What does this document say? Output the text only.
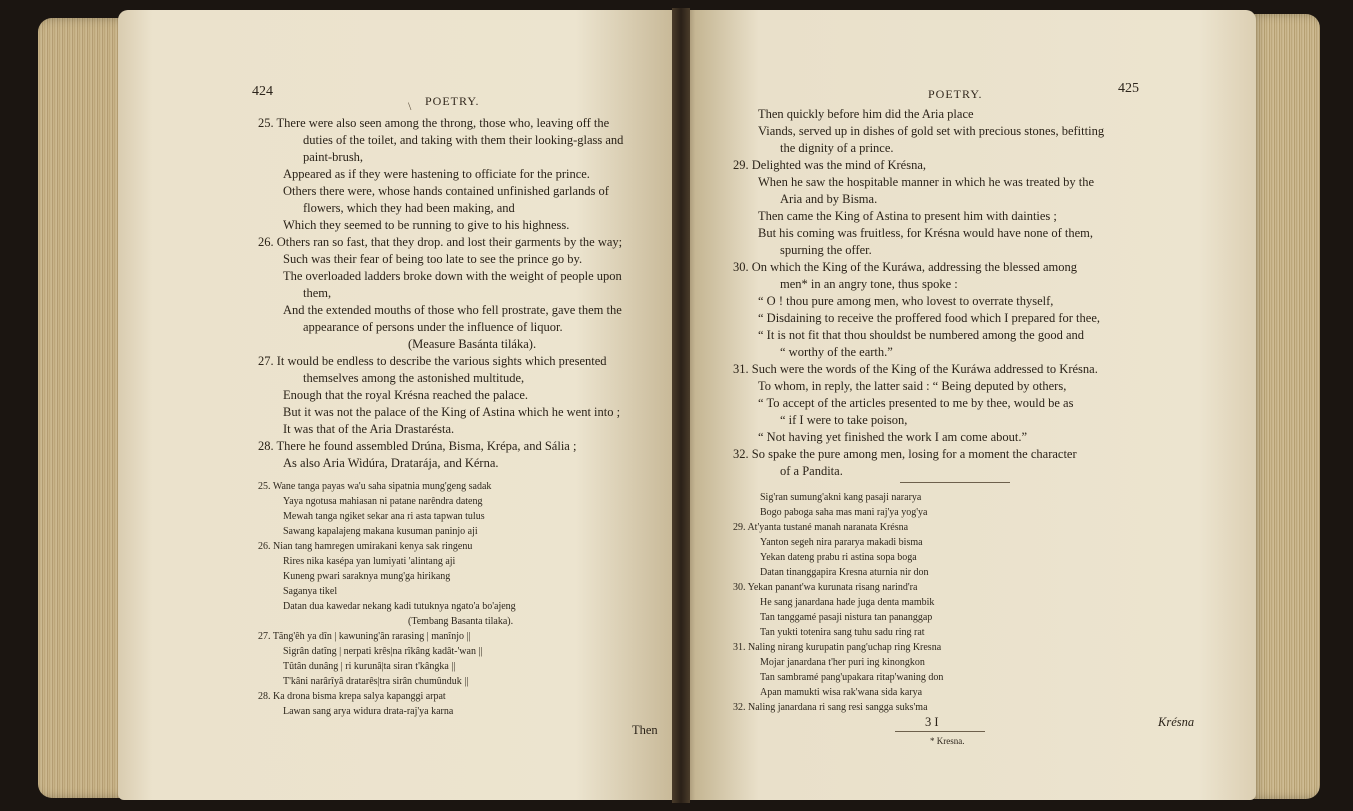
424
POETRY.
\
25. There were also seen among the throng, those who, leaving off the
duties of the toilet, and taking with them their looking-glass and
paint-brush,
Appeared as if they were hastening to officiate for the prince.
Others there were, whose hands contained unfinished garlands of
flowers, which they had been making, and
Which they seemed to be running to give to his highness.
26. Others ran so fast, that they drop. and lost their garments by the way;
Such was their fear of being too late to see the prince go by.
The overloaded ladders broke down with the weight of people upon
them,
And the extended mouths of those who fell prostrate, gave them the
appearance of persons under the influence of liquor.
(Measure Basánta tiláka).
27. It would be endless to describe the various sights which presented
themselves among the astonished multitude,
Enough that the royal Krésna reached the palace.
But it was not the palace of the King of Astina which he went into ;
It was that of the Aria Drastarésta.
28. There he found assembled Drúna, Bisma, Krépa, and Sália ;
As also Aria Widúra, Dratarája, and Kérna.
25. Wane tanga payas wa'u saha sipatnia mung'geng sadak
Yaya ngotusa mahiasan ni patane narêndra dateng
Mewah tanga ngiket sekar ana ri asta tapwan tulus
Sawang kapalajeng makana kusuman paninjo aji
26. Nian tang hamregen umirakani kenya sak ringenu
Rires nika kasépa yan lumiyati 'alintang aji
Kuneng pwari saraknya mung'ga hirikang
Saganya tikel
Datan dua kawedar nekang kadi tutuknya ngato'a bo'ajeng
(Tembang Basanta tilaka).
27. Tãng'êh ya dîn | kawuning'ân rarasing | manînjo ||
Sigrân datîng | nerpati krês|na rîkâng kadât-'wan ||
Tûtân dunâng | ri kurunâ|ta siran t'kângka ||
T'kâni narârîyâ dratarês|tra sirân chumûnduk ||
28. Ka drona bisma krepa salya kapanggi arpat
Lawan sang arya widura drata-raj'ya karna
Then
POETRY.	425
Then quickly before him did the Aria place
Viands, served up in dishes of gold set with precious stones, befitting
the dignity of a prince.
29. Delighted was the mind of Krésna,
When he saw the hospitable manner in which he was treated by the
Aria and by Bisma.
Then came the King of Astina to present him with dainties ;
But his coming was fruitless, for Krésna would have none of them,
spurning the offer.
30. On which the King of the Kuráwa, addressing the blessed among
men* in an angry tone, thus spoke :
“ O ! thou pure among men, who lovest to overrate thyself,
“ Disdaining to receive the proffered food which I prepared for thee,
“ It is not fit that thou shouldst be numbered among the good and
“ worthy of the earth.”
31. Such were the words of the King of the Kuráwa addressed to Krésna.
To whom, in reply, the latter said : “ Being deputed by others,
“ To accept of the articles presented to me by thee, would be as
“ if I were to take poison,
“ Not having yet finished the work I am come about.”
32. So spake the pure among men, losing for a moment the character
of a Pandita.
Sig'ran sumung'akni kang pasaji nararya
Bogo paboga saha mas mani raj'ya yog'ya
29. At'yanta tustané manah naranata Krésna
Yanton segeh nira pararya makadi bisma
Yekan dateng prabu ri astina sopa boga
Datan tinanggapira Kresna aturnia nir don
30. Yekan panant'wa kurunata risang narind'ra
He sang janardana hade juga denta mambik
Tan tanggamé pasaji nistura tan pananggap
Tan yukti totenira sang tuhu sadu ring rat
31. Naling nirang kurupatin pang'uchap ring Kresna
Mojar janardana t'her puri ing kinongkon
Tan sambramé pang'upakara ritap'waning don
Apan mamukti wisa rak'wana sida karya
32. Naling janardana ri sang resi sangga suks'ma
3 I	Krésna
* Kresna.
